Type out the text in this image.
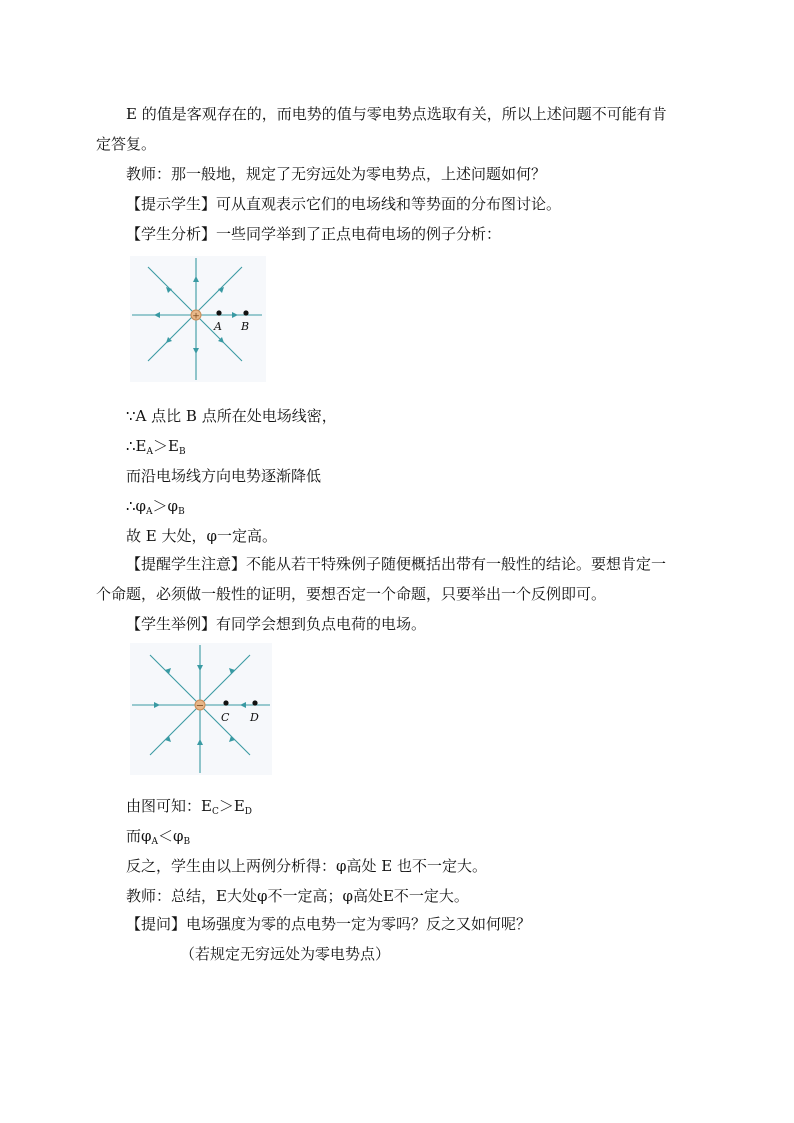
E 的值是客观存在的，而电势的值与零电势点选取有关，所以上述问题不可能有肯
定答复。
教师：那一般地，规定了无穷远处为零电势点，上述问题如何？
【提示学生】可从直观表示它们的电场线和等势面的分布图讨论。
【学生分析】一些同学举到了正点电荷电场的例子分析：
+
A B
∵A 点比 B 点所在处电场线密，
$\therefore E_A>E_B$
而沿电场线方向电势逐渐降低
$\therefore\varphi_A>\varphi_B$
故 E 大处，φ一定高。
【提醒学生注意】不能从若干特殊例子随便概括出带有一般性的结论。要想肯定一
个命题，必须做一般性的证明，要想否定一个命题，只要举出一个反例即可。
【学生举例】有同学会想到负点电荷的电场。
−
C D
由图可知：$E_C>E_D$
而$\varphi_A<\varphi_B$
反之，学生由以上两例分析得：φ高处 E 也不一定大。
教师：总结，E大处φ不一定高；φ高处E不一定大。
【提问】电场强度为零的点电势一定为零吗？反之又如何呢？
（若规定无穷远处为零电势点）
